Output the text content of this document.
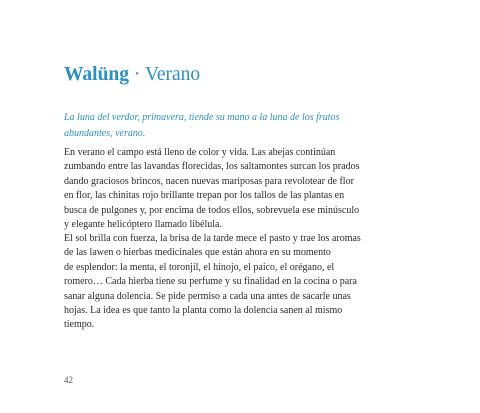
Walüng · Verano

La luna del verdor, primavera, tiende su mano a la luna de los frutos abundantes, verano.

En verano el campo está lleno de color y vida. Las abejas continúan
zumbando entre las lavandas florecidas, los saltamontes surcan los prados
dando graciosos brincos, nacen nuevas mariposas para revolotear de flor
en flor, las chinitas rojo brillante trepan por los tallos de las plantas en
busca de pulgones y, por encima de todos ellos, sobrevuela ese minúsculo
y elegante helicóptero llamado libélula.

El sol brilla con fuerza, la brisa de la tarde mece el pasto y trae los aromas
de las lawen o hierbas medicinales que están ahora en su momento
de esplendor: la menta, el toronjil, el hinojo, el paico, el orégano, el
romero… Cada hierba tiene su perfume y su finalidad en la cocina o para
sanar alguna dolencia. Se pide permiso a cada una antes de sacarle unas
hojas. La idea es que tanto la planta como la dolencia sanen al mismo
tiempo.

42
